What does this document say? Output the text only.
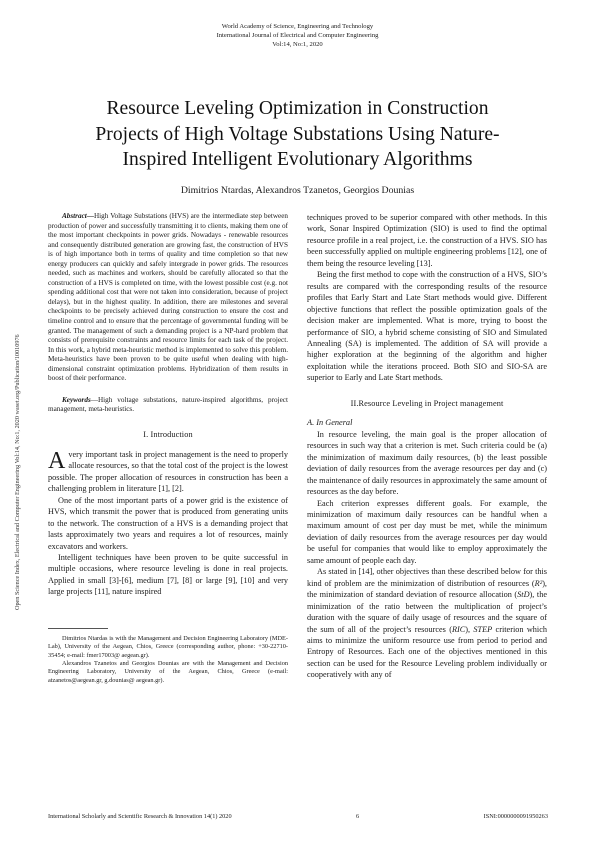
World Academy of Science, Engineering and Technology
International Journal of Electrical and Computer Engineering
Vol:14, No:1, 2020
Open Science Index, Electrical and Computer Engineering Vol:14, No:1, 2020 waset.org/Publication/10010976
Resource Leveling Optimization in Construction
Projects of High Voltage Substations Using Nature-
Inspired Intelligent Evolutionary Algorithms
Dimitrios Ntardas, Alexandros Tzanetos, Georgios Dounias

Abstract—High Voltage Substations (HVS) are the intermediate step between production of power and successfully transmitting it to clients, making them one of the most important checkpoints in power grids. Nowadays - renewable resources and consequently distributed generation are growing fast, the construction of HVS is of high importance both in terms of quality and time completion so that new energy producers can quickly and safely intergrade in power grids. The resources needed, such as machines and workers, should be carefully allocated so that the construction of a HVS is completed on time, with the lowest possible cost (e.g. not spending additional cost that were not taken into consideration, because of project delays), but in the highest quality. In addition, there are milestones and several checkpoints to be precisely achieved during construction to ensure the cost and timeline control and to ensure that the percentage of governmental funding will be granted. The management of such a demanding project is a NP-hard problem that consists of prerequisite constraints and resource limits for each task of the project. In this work, a hybrid meta-heuristic method is implemented to solve this problem. Meta-heuristics have been proven to be quite useful when dealing with high-dimensional constraint optimization problems. Hybridization of them results in boost of their performance.

Keywords—High voltage substations, nature-inspired algorithms, project management, meta-heuristics.

I. Introduction

Avery important task in project management is the need to properly allocate resources, so that the total cost of the project is the lowest possible. The proper allocation of resources in construction has been a challenging problem in literature [1], [2].

One of the most important parts of a power grid is the existence of HVS, which transmit the power that is produced from generating units to the network. The construction of a HVS is a demanding project that lasts approximately two years and requires a lot of resources, mainly excavators and workers.

Intelligent techniques have been proven to be quite successful in multiple occasions, where resource leveling is done in real projects. Applied in small [3]-[6], medium [7], [8] or large [9], [10] and very large projects [11], nature inspired

Dimitrios Ntardas is with the Management and Decision Engineering Laboratory (MDE-Lab), University of the Aegean, Chios, Greece (corresponding author, phone: +30-22710-35454; e-mail: fmer17003@ aegean.gr).

Alexandros Tzanetos and Georgios Dounias are with the Management and Decision Engineering Laboratory, University of the Aegean, Chios, Greece (e-mail: atzanetos@aegean.gr, g.dounias@ aegean.gr).

techniques proved to be superior compared with other methods. In this work, Sonar Inspired Optimization (SIO) is used to find the optimal resource profile in a real project, i.e. the construction of a HVS. SIO has been successfully applied on multiple engineering problems [12], one of them being the resource leveling [13].

Being the first method to cope with the construction of a HVS, SIO’s results are compared with the corresponding results of the resource profiles that Early Start and Late Start methods would give. Different objective functions that reflect the possible optimization goals of the decision maker are implemented. What is more, trying to boost the performance of SIO, a hybrid scheme consisting of SIO and Simulated Annealing (SA) is implemented. The addition of SA will provide a higher exploration at the beginning of the algorithm and higher exploitation while the iterations proceed. Both SIO and SIO-SA are superior to Early and Late Start methods.

II.Resource Leveling in Project management
A. In General

In resource leveling, the main goal is the proper allocation of resources in such way that a criterion is met. Such criteria could be (a) the minimization of maximum daily resources, (b) the least possible deviation of daily resources from the average resources per day and (c) the maintenance of daily resources in approximately the same amount of resources as the day before.

Each criterion expresses different goals. For example, the minimization of maximum daily resources can be handful when a maximum amount of cost per day must be met, while the minimum deviation of daily resources from the average resources per day would be useful for companies that would like to employ approximately the same amount of people each day.

As stated in [14], other objectives than these described below for this kind of problem are the minimization of distribution of resources (R²), the minimization of standard deviation of resource allocation (StD), the minimization of the ratio between the multiplication of project’s duration with the square of daily usage of resources and the square of the sum of all of the project’s resources (RIC), STEP criterion which aims to minimize the uniform resource use from period to period and Entropy of Resources. Each one of the objectives mentioned in this section can be used for the Resource Leveling problem individually or cooperatively with any of

International Scholarly and Scientific Research & Innovation 14(1) 2020	6	ISNI:0000000091950263
